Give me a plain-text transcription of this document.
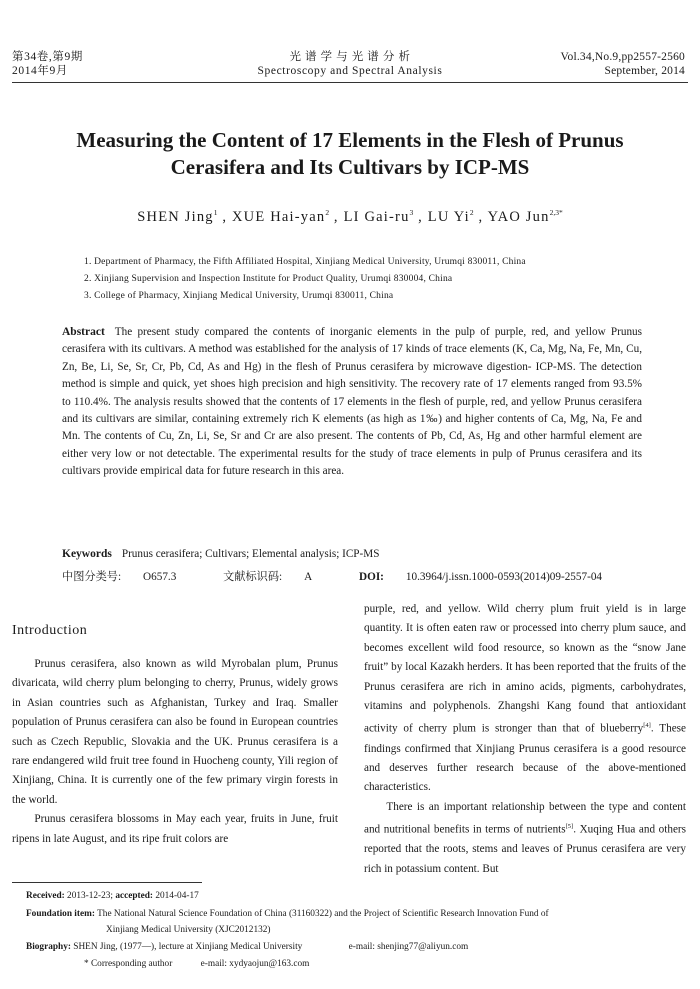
第34卷,第9期
2014年9月
光 谱 学 与 光 谱 分 析
Spectroscopy and Spectral Analysis
Vol.34,No.9,pp2557-2560
September, 2014
Measuring the Content of 17 Elements in the Flesh of Prunus Cerasifera and Its Cultivars by ICP-MS
SHEN Jing$^1$ , XUE Hai-yan$^2$ , LI Gai-$ru^3$ , LU Yi$^2$ , YAO Jun$^{2,3*}$
1. Department of Pharmacy, the Fifth Affiliated Hospital, Xinjiang Medical University, Urumqi 830011, China
2. Xinjiang Supervision and Inspection Institute for Product Quality, Urumqi 830004, China
3. College of Pharmacy, Xinjiang Medical University, Urumqi 830011, China
Abstract The present study compared the contents of inorganic elements in the pulp of purple, red, and yellow Prunus cerasifera with its cultivars. A method was established for the analysis of 17 kinds of trace elements (K, Ca, Mg, Na, Fe, Mn, Cu, Zn, Be, Li, Se, Sr, Cr, Pb, Cd, As and Hg) in the flesh of Prunus cerasifera by microwave digestion- ICP-MS. The detection method is simple and quick, yet shoes high precision and high sensitivity. The recovery rate of 17 elements ranged from 93.5% to 110.4%. The analysis results showed that the contents of 17 elements in the flesh of purple, red, and yellow Prunus cerasifera and its cultivars are similar, containing extremely rich K elements (as high as 1‰) and higher contents of Ca, Mg, Na, Fe and Mn. The contents of Cu, Zn, Li, Se, Sr and Cr are also present. The contents of Pb, Cd, As, Hg and other harmful element are either very low or not detectable. The experimental results for the study of trace elements in pulp of Prunus cerasifera and its cultivars provide empirical data for future research in this area.
Keywords Prunus cerasifera; Cultivars; Elemental analysis; ICP-MS
中图分类号: O657.3	文献标识码: A	DOI: 10.3964/j.issn.1000-0593(2014)09-2557-04
Introduction

Prunus cerasifera, also known as wild Myrobalan plum, Prunus divaricata, wild cherry plum belonging to cherry, Prunus, widely grows in Asian countries such as Afghanistan, Turkey and Iraq. Smaller population of Prunus cerasifera can also be found in European countries such as Czech Republic, Slovakia and the UK. Prunus cerasifera is a rare endangered wild fruit tree found in Huocheng county, Yili region of Xinjiang, China. It is currently one of the few primary virgin forests in the world.

Prunus cerasifera blossoms in May each year, fruits in June, fruit ripens in late August, and its ripe fruit colors are

purple, red, and yellow. Wild cherry plum fruit yield is in large quantity. It is often eaten raw or processed into cherry plum sauce, and becomes excellent wild food resource, so known as the “snow Jane fruit” by local Kazakh herders. It has been reported that the fruits of the Prunus cerasifera are rich in amino acids, pigments, carbohydrates, vitamins and polyphenols. Zhangshi Kang found that antioxidant activity of cherry plum is stronger than that of blueberry[4]. These findings confirmed that Xinjiang Prunus cerasifera is a good resource and deserves further research because of the above-mentioned characteristics.

There is an important relationship between the type and content and nutritional benefits in terms of nutrients[5]. Xuqing Hua and others reported that the roots, stems and leaves of Prunus cerasifera are very rich in potassium content. But

Received: 2013-12-23; accepted: 2014-04-17
Foundation item: The National Natural Science Foundation of China (31160322) and the Project of Scientific Research Innovation Fund of
Xinjiang Medical University (XJC2012132)
Biography: SHEN Jing, (1977—), lecture at Xinjiang Medical University	e-mail: shenjing77@aliyun.com
* Corresponding author	e-mail: xydyaojun@163.com
